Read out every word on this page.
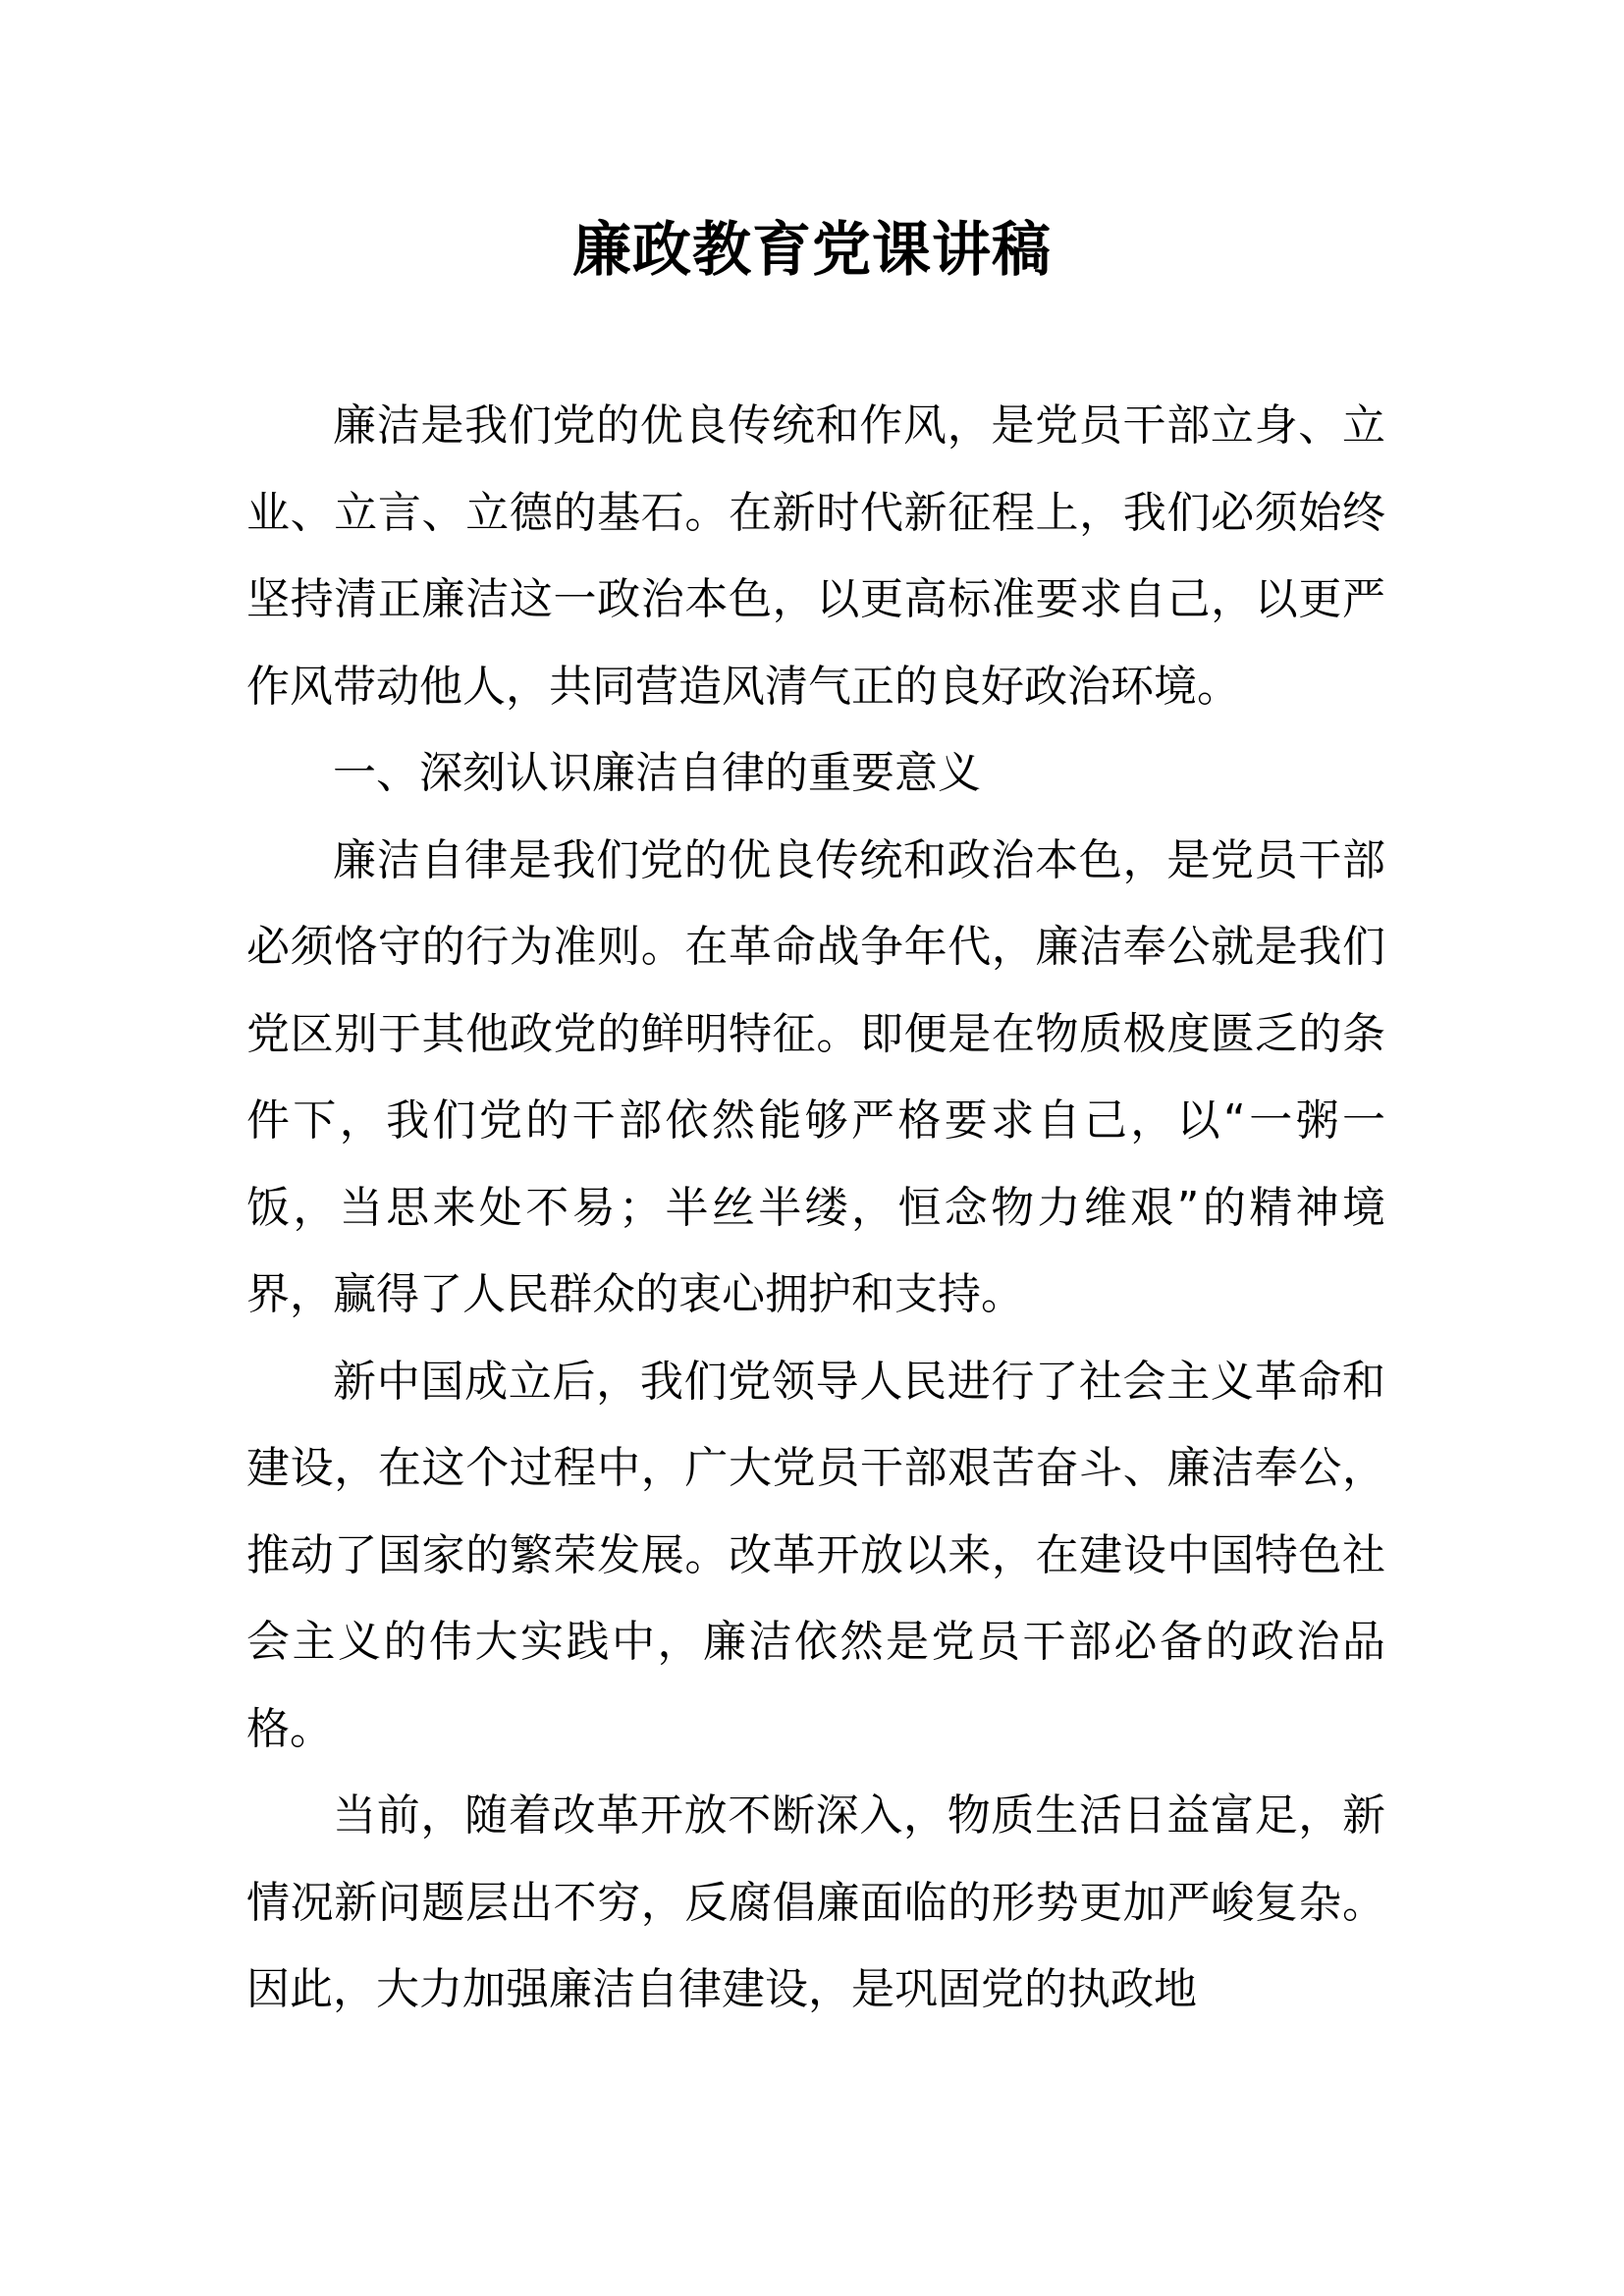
廉政教育党课讲稿

廉洁是我们党的优良传统和作风，是党员干部立身、立业、立言、立德的基石。在新时代新征程上，我们必须始终坚持清正廉洁这一政治本色，以更高标准要求自己，以更严作风带动他人，共同营造风清气正的良好政治环境。

一、深刻认识廉洁自律的重要意义

廉洁自律是我们党的优良传统和政治本色，是党员干部必须恪守的行为准则。在革命战争年代，廉洁奉公就是我们党区别于其他政党的鲜明特征。即便是在物质极度匮乏的条件下，我们党的干部依然能够严格要求自己，以“一粥一饭，当思来处不易；半丝半缕，恒念物力维艰”的精神境界，赢得了人民群众的衷心拥护和支持。

新中国成立后，我们党领导人民进行了社会主义革命和建设，在这个过程中，广大党员干部艰苦奋斗、廉洁奉公，推动了国家的繁荣发展。改革开放以来，在建设中国特色社会主义的伟大实践中，廉洁依然是党员干部必备的政治品格。

当前，随着改革开放不断深入，物质生活日益富足，新情况新问题层出不穷，反腐倡廉面临的形势更加严峻复杂。因此，大力加强廉洁自律建设，是巩固党的执政地
